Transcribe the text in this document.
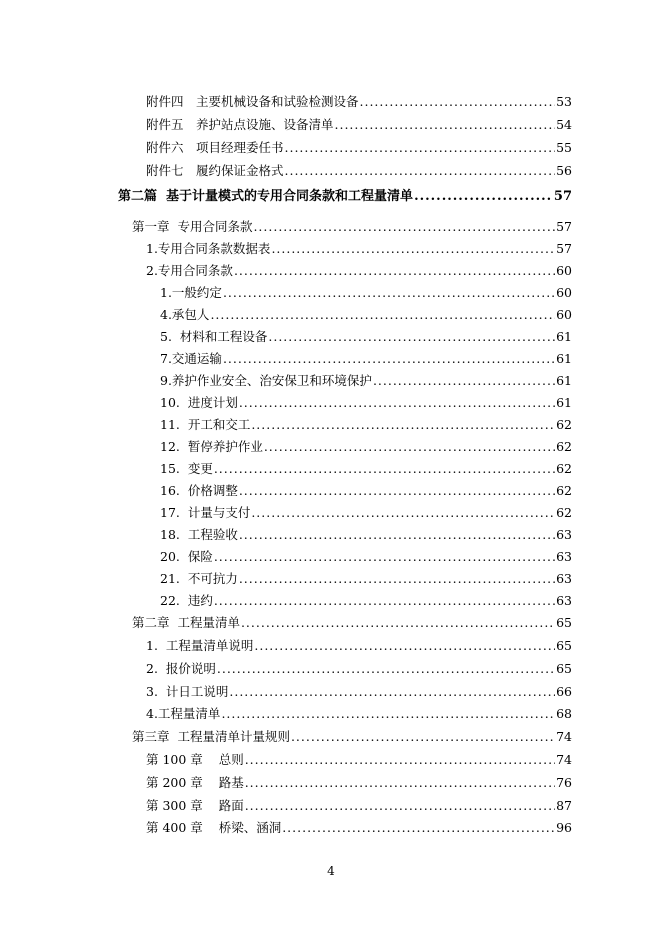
附件四　主要机械设备和试验检测设备 .....	53
附件五　养护站点设施、设备清单 .....	54
附件六　项目经理委任书 .....	55
附件七　履约保证金格式 .....	56
第二篇  基于计量模式的专用合同条款和工程量清单 .....	57
第一章  专用合同条款 .....	57
1.专用合同条款数据表 .....	57
2.专用合同条款 .....	60
1.一般约定 .....	60
4.承包人 .....	60
5.  材料和工程设备 .....	61
7.交通运输 .....	61
9.养护作业安全、治安保卫和环境保护 .....	61
10.  进度计划 .....	61
11.  开工和交工 .....	62
12.  暂停养护作业 .....	62
15.  变更 .....	62
16.  价格调整 .....	62
17.  计量与支付 .....	62
18.  工程验收 .....	63
20.  保险 .....	63
21.  不可抗力 .....	63
22.  违约 .....	63
第二章  工程量清单 .....	65
1.  工程量清单说明 .....	65
2.  报价说明 .....	65
3.  计日工说明 .....	66
4.工程量清单 .....	68
第三章  工程量清单计量规则 .....	74
第 100 章    总则 .....	74
第 200 章    路基 .....	76
第 300 章    路面 .....	87
第 400 章    桥梁、涵洞 .....	96
4
